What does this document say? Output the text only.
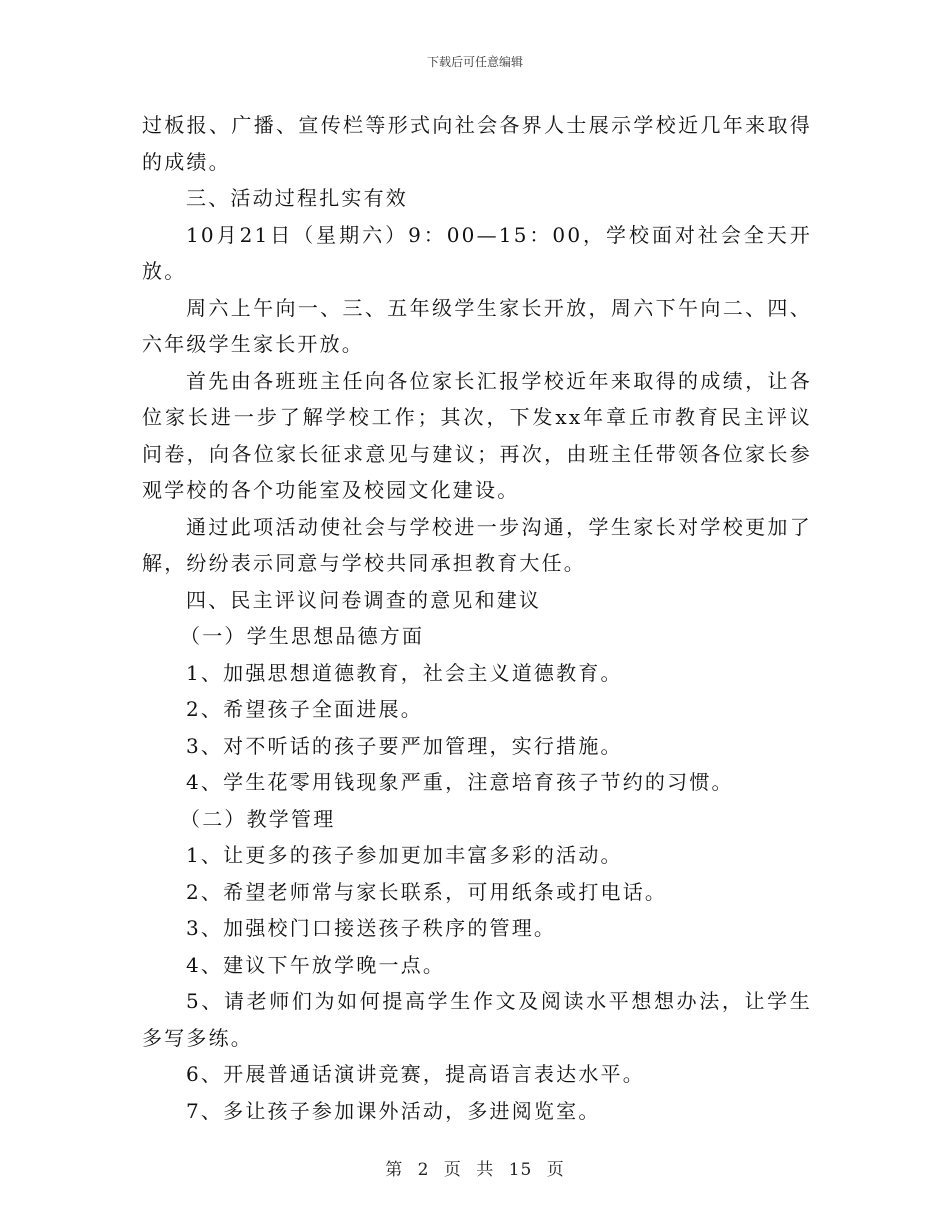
下载后可任意编辑

过板报、广播、宣传栏等形式向社会各界人士展示学校近几年来取得的成绩。

三、活动过程扎实有效

10月21日（星期六）9：00—15：00，学校面对社会全天开放。

周六上午向一、三、五年级学生家长开放，周六下午向二、四、六年级学生家长开放。

首先由各班班主任向各位家长汇报学校近年来取得的成绩，让各位家长进一步了解学校工作；其次，下发xx年章丘市教育民主评议问卷，向各位家长征求意见与建议；再次，由班主任带领各位家长参观学校的各个功能室及校园文化建设。

通过此项活动使社会与学校进一步沟通，学生家长对学校更加了解，纷纷表示同意与学校共同承担教育大任。

四、民主评议问卷调查的意见和建议

（一）学生思想品德方面

1、加强思想道德教育，社会主义道德教育。

2、希望孩子全面进展。

3、对不听话的孩子要严加管理，实行措施。

4、学生花零用钱现象严重，注意培育孩子节约的习惯。

（二）教学管理

1、让更多的孩子参加更加丰富多彩的活动。

2、希望老师常与家长联系，可用纸条或打电话。

3、加强校门口接送孩子秩序的管理。

4、建议下午放学晚一点。

5、请老师们为如何提高学生作文及阅读水平想想办法，让学生多写多练。

6、开展普通话演讲竞赛，提高语言表达水平。

7、多让孩子参加课外活动，多进阅览室。

第 2 页 共 15 页
